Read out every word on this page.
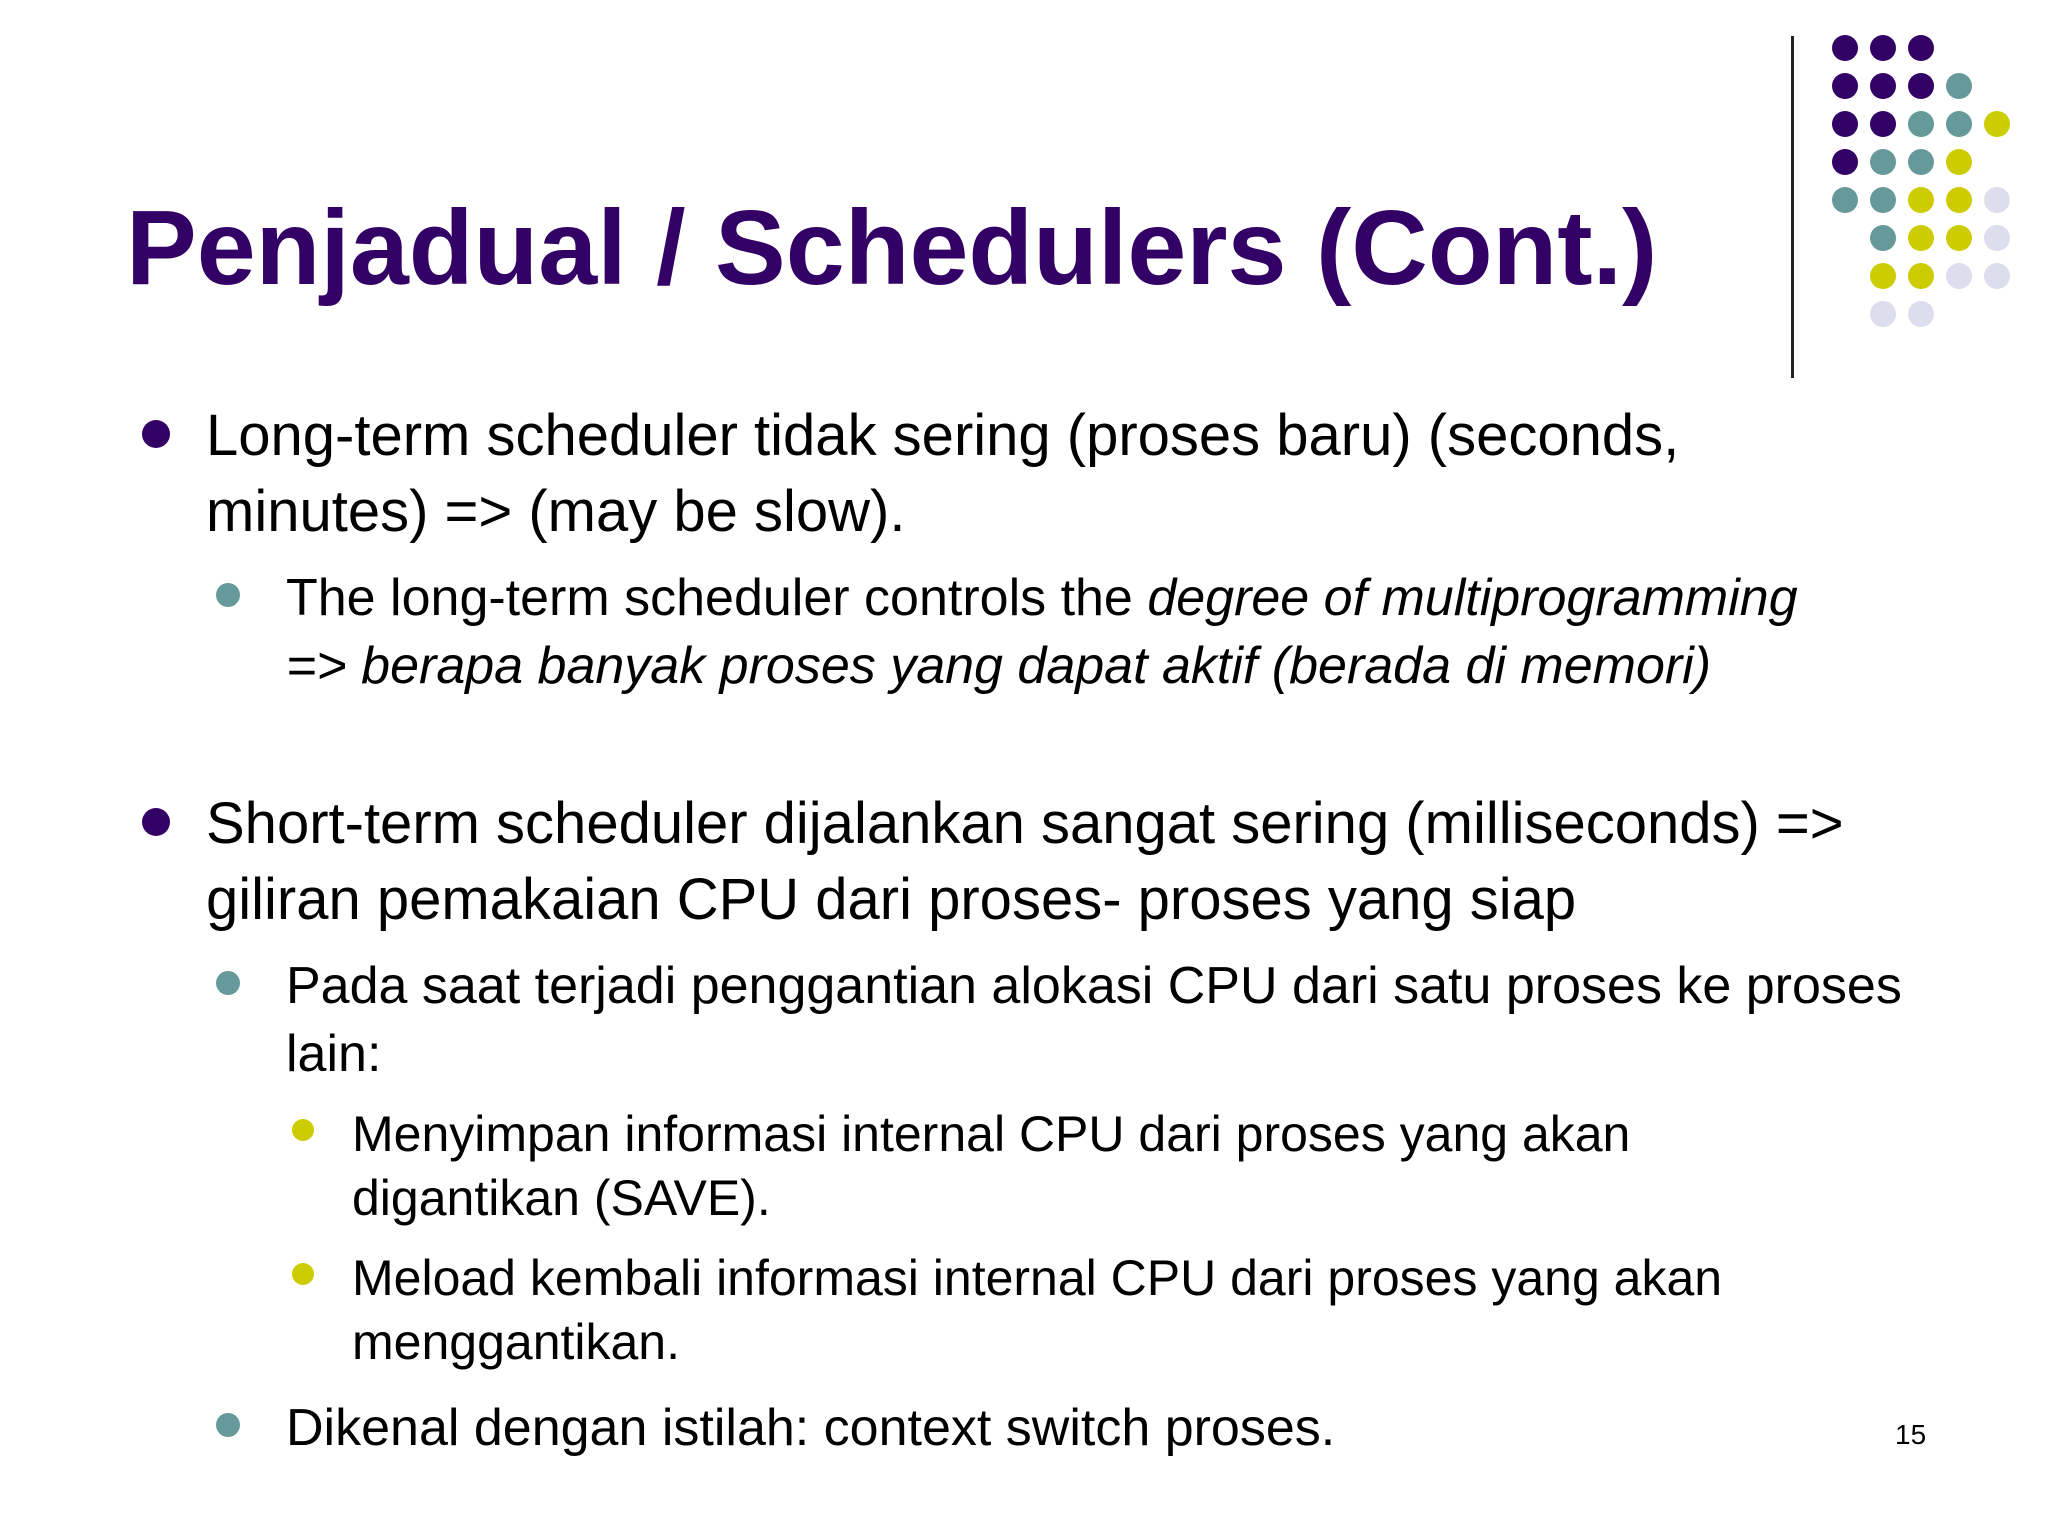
Penjadual / Schedulers (Cont.)
Long-term scheduler tidak sering (proses baru) (seconds, minutes) => (may be slow).
The long-term scheduler controls the degree of multiprogramming => berapa banyak proses yang dapat aktif (berada di memori)
Short-term scheduler dijalankan sangat sering (milliseconds) => giliran pemakaian CPU dari proses- proses yang siap
Pada saat terjadi penggantian alokasi CPU dari satu proses ke proses lain:
Menyimpan informasi internal CPU dari proses yang akan digantikan (SAVE).
Meload kembali informasi internal CPU dari proses yang akan menggantikan.
Dikenal dengan istilah: context switch proses.	15
